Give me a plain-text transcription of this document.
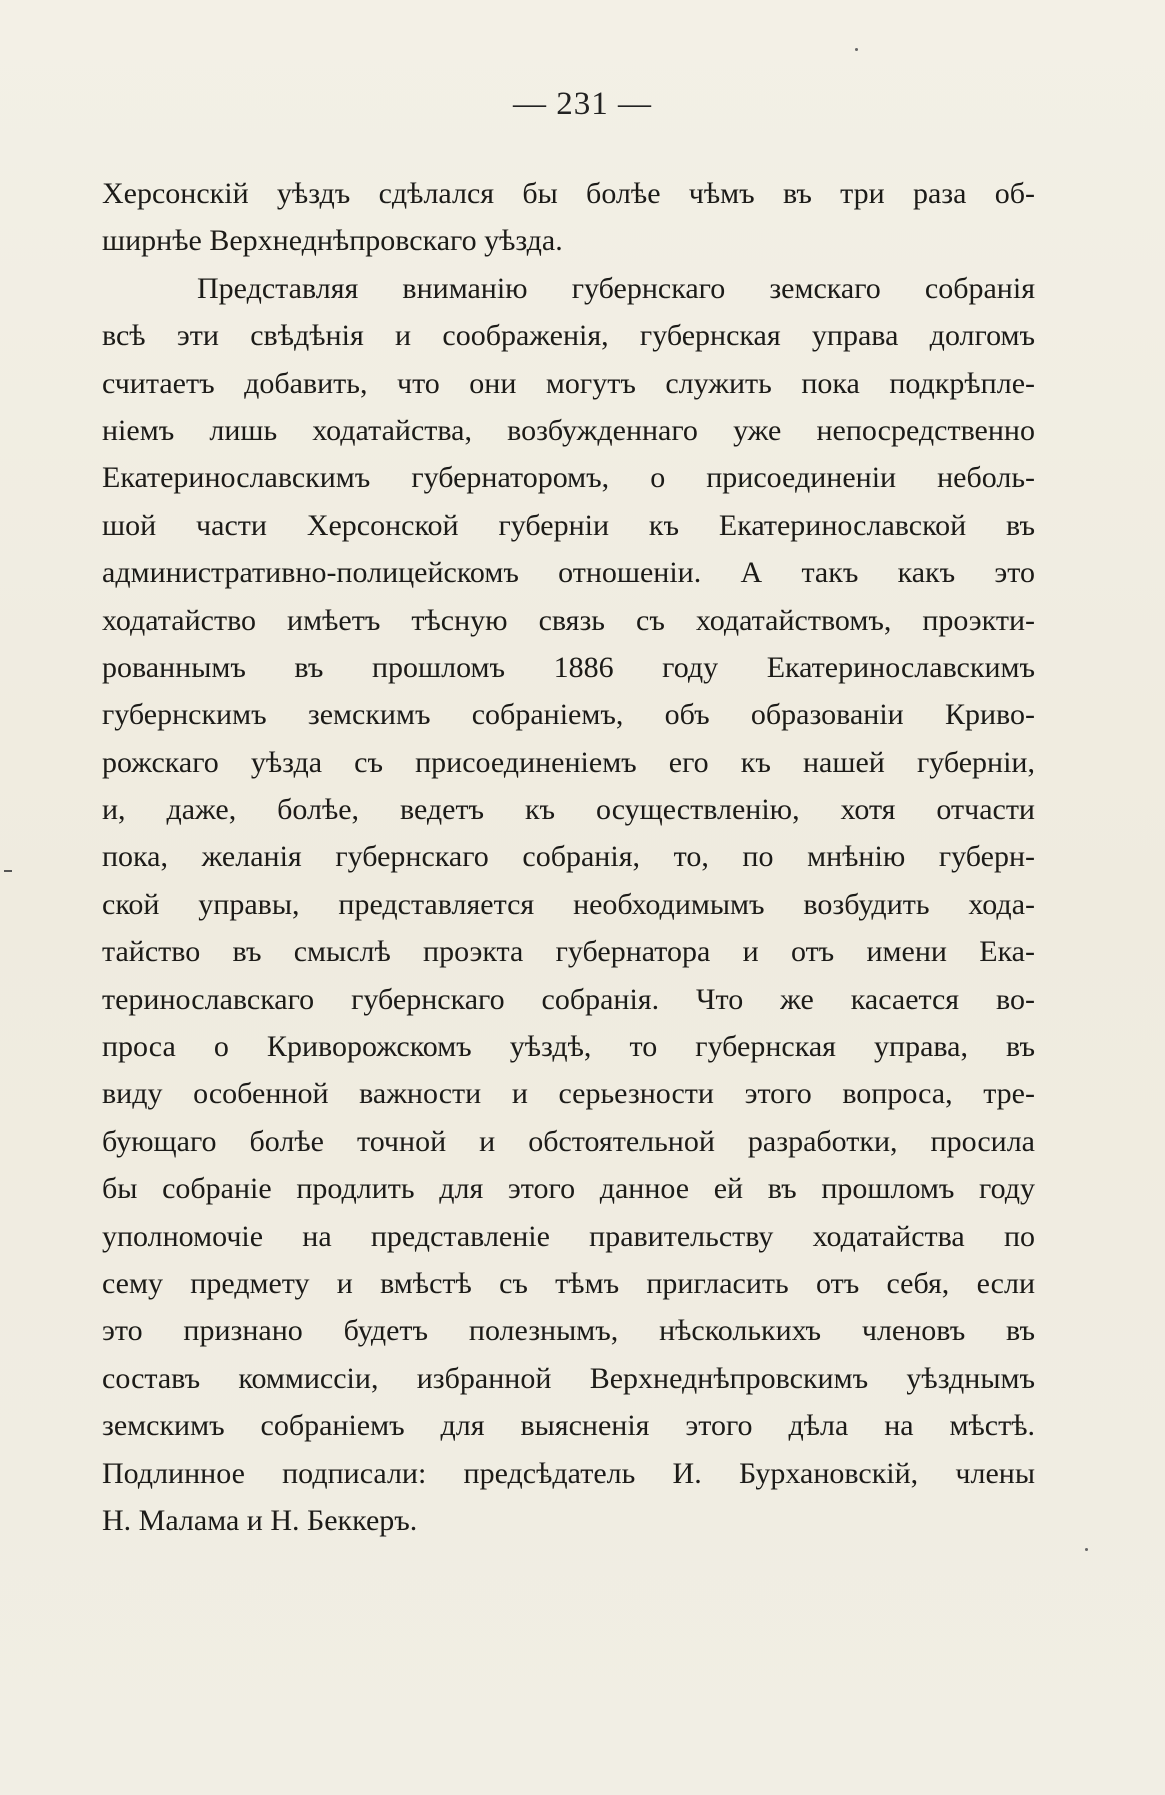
— 231 —
Херсонскій уѣздъ сдѣлался бы болѣе чѣмъ въ три раза об-
ширнѣе Верхнеднѣпровскаго уѣзда.
Представляя вниманію губернскаго земскаго собранія
всѣ эти свѣдѣнія и соображенія, губернская управа долгомъ
считаетъ добавить, что они могутъ служить пока подкрѣпле-
ніемъ лишь ходатайства, возбужденнаго уже непосредственно
Екатеринославскимъ губернаторомъ, о присоединеніи неболь-
шой части Херсонской губерніи къ Екатеринославской въ
административно-полицейскомъ отношеніи. А такъ какъ это
ходатайство имѣетъ тѣсную связь съ ходатайствомъ, проэкти-
рованнымъ въ прошломъ 1886 году Екатеринославскимъ
губернскимъ земскимъ собраніемъ, объ образованіи Криво-
рожскаго уѣзда съ присоединеніемъ его къ нашей губерніи,
и, даже, болѣе, ведетъ къ осуществленію, хотя отчасти
пока, желанія губернскаго собранія, то, по мнѣнію губерн-
ской управы, представляется необходимымъ возбудить хода-
тайство въ смыслѣ проэкта губернатора и отъ имени Ека-
теринославскаго губернскаго собранія. Что же касается во-
проса о Криворожскомъ уѣздѣ, то губернская управа, въ
виду особенной важности и серьезности этого вопроса, тре-
бующаго болѣе точной и обстоятельной разработки, просила
бы собраніе продлить для этого данное ей въ прошломъ году
уполномочіе на представленіе правительству ходатайства по
сему предмету и вмѣстѣ съ тѣмъ пригласить отъ себя, если
это признано будетъ полезнымъ, нѣсколькихъ членовъ въ
составъ коммиссіи, избранной Верхнеднѣпровскимъ уѣзднымъ
земскимъ собраніемъ для выясненія этого дѣла на мѣстѣ.
Подлинное подписали: предсѣдатель И. Бурхановскій, члены
Н. Малама и Н. Беккеръ.
